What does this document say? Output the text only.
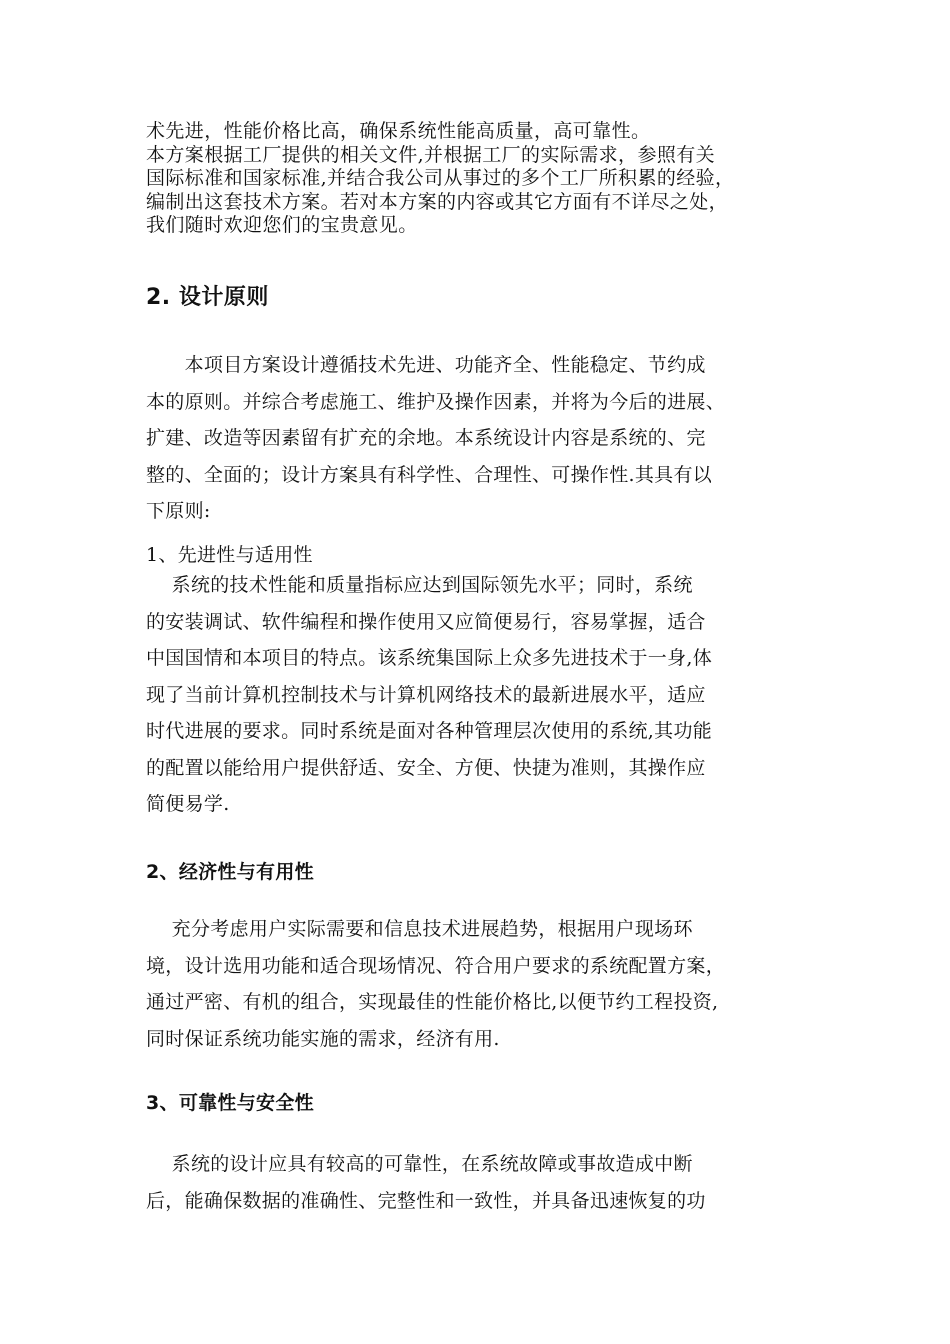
术先进，性能价格比高，确保系统性能高质量，高可靠性。

本方案根据工厂提供的相关文件,并根据工厂的实际需求，参照有关

国际标准和国家标准,并结合我公司从事过的多个工厂所积累的经验，

编制出这套技术方案。若对本方案的内容或其它方面有不详尽之处，

我们随时欢迎您们的宝贵意见。

2. 设计原则

　　本项目方案设计遵循技术先进、功能齐全、性能稳定、节约成

本的原则。并综合考虑施工、维护及操作因素，并将为今后的进展、

扩建、改造等因素留有扩充的余地。本系统设计内容是系统的、完

整的、全面的；设计方案具有科学性、合理性、可操作性.其具有以

下原则:

1、先进性与适用性

　 系统的技术性能和质量指标应达到国际领先水平；同时，系统

的安装调试、软件编程和操作使用又应简便易行，容易掌握，适合

中国国情和本项目的特点。该系统集国际上众多先进技术于一身,体

现了当前计算机控制技术与计算机网络技术的最新进展水平，适应

时代进展的要求。同时系统是面对各种管理层次使用的系统,其功能

的配置以能给用户提供舒适、安全、方便、快捷为准则，其操作应

简便易学.

2、经济性与有用性

　 充分考虑用户实际需要和信息技术进展趋势，根据用户现场环

境，设计选用功能和适合现场情况、符合用户要求的系统配置方案，

通过严密、有机的组合，实现最佳的性能价格比,以便节约工程投资,

同时保证系统功能实施的需求，经济有用.

3、可靠性与安全性

　 系统的设计应具有较高的可靠性，在系统故障或事故造成中断

后，能确保数据的准确性、完整性和一致性，并具备迅速恢复的功
